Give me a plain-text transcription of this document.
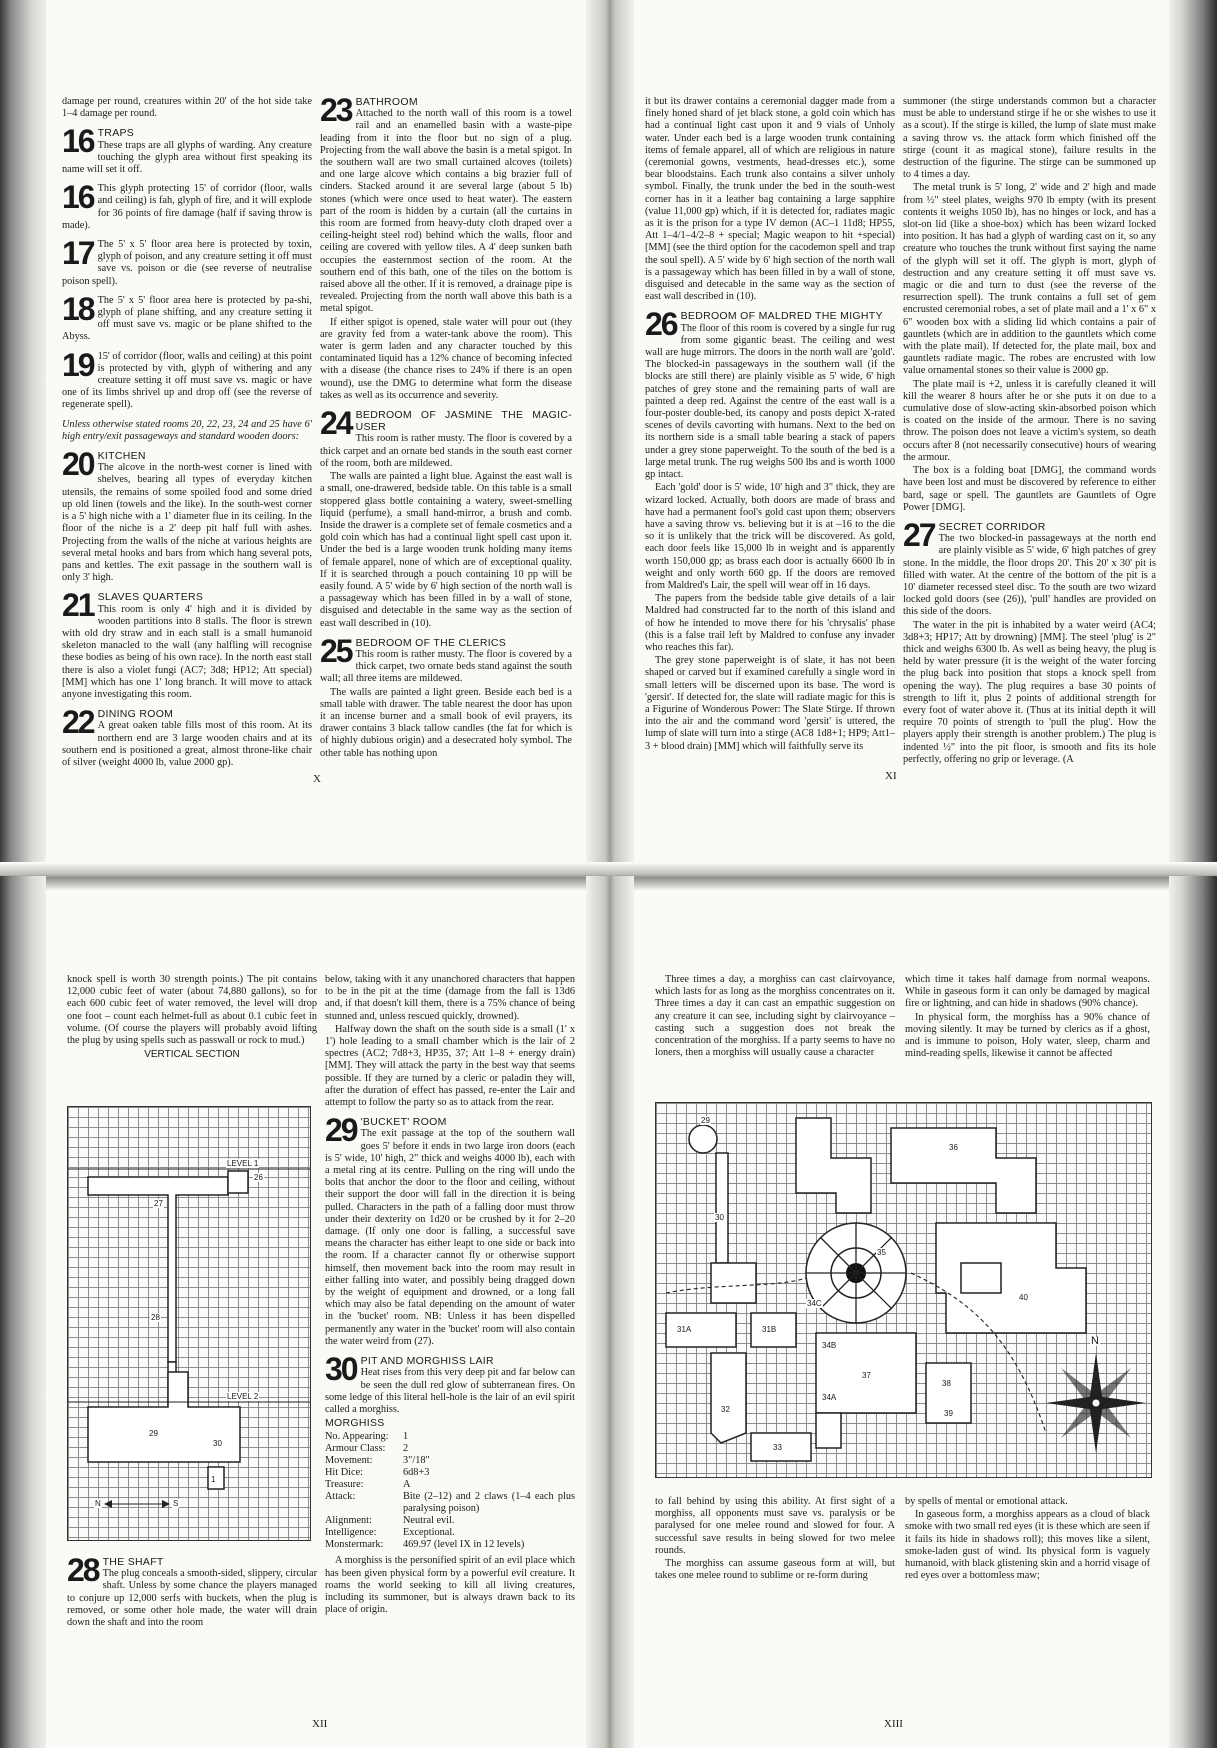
damage per round, creatures within 20' of the hot side take 1–4 damage per round.

16 TRAPS

These traps are all glyphs of warding. Any creature touching the glyph area without first speaking its name will set it off.

16 This glyph protecting 15' of corridor (floor, walls and ceiling) is fah, glyph of fire, and it will explode for 36 points of fire damage (half if saving throw is made).

17 The 5' x 5' floor area here is protected by toxin, glyph of poison, and any creature setting it off must save vs. poison or die (see reverse of neutralise poison spell).

18 The 5' x 5' floor area here is protected by pa-shi, glyph of plane shifting, and any creature setting it off must save vs. magic or be plane shifted to the Abyss.

19 15' of corridor (floor, walls and ceiling) at this point is protected by vith, glyph of withering and any creature setting it off must save vs. magic or have one of its limbs shrivel up and drop off (see the reverse of regenerate spell).

Unless otherwise stated rooms 20, 22, 23, 24 and 25 have 6' high entry/exit passageways and standard wooden doors:

20 KITCHEN

The alcove in the north-west corner is lined with shelves, bearing all types of everyday kitchen utensils, the remains of some spoiled food and some dried up old linen (towels and the like). In the south-west corner is a 5' high niche with a 1' diameter flue in its ceiling. In the floor of the niche is a 2' deep pit half full with ashes. Projecting from the walls of the niche at various heights are several metal hooks and bars from which hang several pots, pans and kettles. The exit passage in the southern wall is only 3' high.

21 SLAVES QUARTERS

This room is only 4' high and it is divided by wooden partitions into 8 stalls. The floor is strewn with old dry straw and in each stall is a small humanoid skeleton manacled to the wall (any halfling will recognise these bodies as being of his own race). In the north east stall there is also a violet fungi (AC7; 3d8; HP12; Att special) [MM] which has one 1' long branch. It will move to attack anyone investigating this room.

22 DINING ROOM

A great oaken table fills most of this room. At its northern end are 3 large wooden chairs and at its southern end is positioned a great, almost throne-like chair of silver (weight 4000 lb, value 2000 gp).

23 BATHROOM

Attached to the north wall of this room is a towel rail and an enamelled basin with a waste-pipe leading from it into the floor but no sign of a plug. Projecting from the wall above the basin is a metal spigot. In the southern wall are two small curtained alcoves (toilets) and one large alcove which contains a big brazier full of cinders. Stacked around it are several large (about 5 lb) stones (which were once used to heat water). The eastern part of the room is hidden by a curtain (all the curtains in this room are formed from heavy-duty cloth draped over a ceiling-height steel rod) behind which the walls, floor and ceiling are covered with yellow tiles. A 4' deep sunken bath occupies the easternmost section of the room. At the southern end of this bath, one of the tiles on the bottom is raised above all the other. If it is removed, a drainage pipe is revealed. Projecting from the north wall above this bath is a metal spigot.

If either spigot is opened, stale water will pour out (they are gravity fed from a water-tank above the room). This water is germ laden and any character touched by this contaminated liquid has a 12% chance of becoming infected with a disease (the chance rises to 24% if there is an open wound), use the DMG to determine what form the disease takes as well as its occurrence and severity.

24 BEDROOM OF JASMINE THE MAGIC-USER

This room is rather musty. The floor is covered by a thick carpet and an ornate bed stands in the south east corner of the room, both are mildewed.

The walls are painted a light blue. Against the east wall is a small, one-drawered, bedside table. On this table is a small stoppered glass bottle containing a watery, sweet-smelling liquid (perfume), a small hand-mirror, a brush and comb. Inside the drawer is a complete set of female cosmetics and a gold coin which has had a continual light spell cast upon it. Under the bed is a large wooden trunk holding many items of female apparel, none of which are of exceptional quality. If it is searched through a pouch containing 10 pp will be easily found. A 5' wide by 6' high section of the north wall is a passageway which has been filled in by a wall of stone, disguised and detectable in the same way as the section of east wall described in (10).

25 BEDROOM OF THE CLERICS

This room is rather musty. The floor is covered by a thick carpet, two ornate beds stand against the south wall; all three items are mildewed.

The walls are painted a light green. Beside each bed is a small table with drawer. The table nearest the door has upon it an incense burner and a small book of evil prayers, its drawer contains 3 black tallow candles (the fat for which is of highly dubious origin) and a desecrated holy symbol. The other table has nothing upon

X

it but its drawer contains a ceremonial dagger made from a finely honed shard of jet black stone, a gold coin which has had a continual light cast upon it and 9 vials of Unholy water. Under each bed is a large wooden trunk containing items of female apparel, all of which are religious in nature (ceremonial gowns, vestments, head-dresses etc.), some bear bloodstains. Each trunk also contains a silver unholy symbol. Finally, the trunk under the bed in the south-west corner has in it a leather bag containing a large sapphire (value 11,000 gp) which, if it is detected for, radiates magic as it is the prison for a type IV demon (AC–1 11d8; HP55, Att 1–4/1–4/2–8 + special; Magic weapon to hit +special) [MM] (see the third option for the cacodemon spell and trap the soul spell). A 5' wide by 6' high section of the north wall is a passageway which has been filled in by a wall of stone, disguised and detecable in the same way as the section of east wall described in (10).

26 BEDROOM OF MALDRED THE MIGHTY

The floor of this room is covered by a single fur rug from some gigantic beast. The ceiling and west wall are huge mirrors. The doors in the north wall are 'gold'. The blocked-in passageways in the southern wall (if the blocks are still there) are plainly visible as 5' wide, 6' high patches of grey stone and the remaining parts of wall are painted a deep red. Against the centre of the east wall is a four-poster double-bed, its canopy and posts depict X-rated scenes of devils cavorting with humans. Next to the bed on its northern side is a small table bearing a stack of papers under a grey stone paperweight. To the south of the bed is a large metal trunk. The rug weighs 500 lbs and is worth 1000 gp intact.

Each 'gold' door is 5' wide, 10' high and 3" thick, they are wizard locked. Actually, both doors are made of brass and have had a permanent fool's gold cast upon them; observers have a saving throw vs. believing but it is at –16 to the die so it is unlikely that the trick will be discovered. As gold, each door feels like 15,000 lb in weight and is apparently worth 150,000 gp; as brass each door is actually 6600 lb in weight and only worth 660 gp. If the doors are removed from Maldred's Lair, the spell will wear off in 16 days.

The papers from the bedside table give details of a lair Maldred had constructed far to the north of this island and of how he intended to move there for his 'chrysalis' phase (this is a false trail left by Maldred to confuse any invader who reaches this far).

The grey stone paperweight is of slate, it has not been shaped or carved but if examined carefully a single word in small letters will be discerned upon its base. The word is 'gersit'. If detected for, the slate will radiate magic for this is a Figurine of Wonderous Power: The Slate Stirge. If thrown into the air and the command word 'gersit' is uttered, the lump of slate will turn into a stirge (AC8 1d8+1; HP9; Att1–3 + blood drain) [MM] which will faithfully serve its

summoner (the stirge understands common but a character must be able to understand stirge if he or she wishes to use it as a scout). If the stirge is killed, the lump of slate must make a saving throw vs. the attack form which finished off the stirge (count it as magical stone), failure results in the destruction of the figurine. The stirge can be summoned up to 4 times a day.

The metal trunk is 5' long, 2' wide and 2' high and made from ½" steel plates, weighs 970 lb empty (with its present contents it weighs 1050 lb), has no hinges or lock, and has a slot-on lid (like a shoe-box) which has been wizard locked into position. It has had a glyph of warding cast on it, so any creature who touches the trunk without first saying the name of the glyph will set it off. The glyph is mort, glyph of destruction and any creature setting it off must save vs. magic or die and turn to dust (see the reverse of the resurrection spell). The trunk contains a full set of gem encrusted ceremonial robes, a set of plate mail and a 1' x 6" x 6" wooden box with a sliding lid which contains a pair of gauntlets (which are in addition to the gauntlets which come with the plate mail). If detected for, the plate mail, box and gauntlets radiate magic. The robes are encrusted with low value ornamental stones so their value is 2000 gp.

The plate mail is +2, unless it is carefully cleaned it will kill the wearer 8 hours after he or she puts it on due to a cumulative dose of slow-acting skin-absorbed poison which is coated on the inside of the armour. There is no saving throw. The poison does not leave a victim's system, so death occurs after 8 (not necessarily consecutive) hours of wearing the armour.

The box is a folding boat [DMG], the command words have been lost and must be discovered by reference to either bard, sage or spell. The gauntlets are Gauntlets of Ogre Power [DMG].

27 SECRET CORRIDOR

The two blocked-in passageways at the north end are plainly visible as 5' wide, 6' high patches of grey stone. In the middle, the floor drops 20'. This 20' x 30' pit is filled with water. At the centre of the bottom of the pit is a 10' diameter recessed steel disc. To the south are two wizard locked gold doors (see (26)), 'pull' handles are provided on this side of the doors.

The water in the pit is inhabited by a water weird (AC4; 3d8+3; HP17; Att by drowning) [MM]. The steel 'plug' is 2" thick and weighs 6300 lb. As well as being heavy, the plug is held by water pressure (it is the weight of the water forcing the plug back into position that stops a knock spell from opening the way). The plug requires a base 30 points of strength to lift it, plus 2 points of additional strength for every foot of water above it. (Thus at its initial depth it will require 70 points of strength to 'pull the plug'. How the players apply their strength is another problem.) The plug is indented ½" into the pit floor, is smooth and fits its hole perfectly, offering no grip or leverage. (A

XI

knock spell is worth 30 strength points.) The pit contains 12,000 cubic feet of water (about 74,880 gallons), so for each 600 cubic feet of water removed, the level will drop one foot – count each helmet-full as about 0.1 cubic feet in volume. (Of course the players will probably avoid lifting the plug by using spells such as passwall or rock to mud.)

VERTICAL SECTION
LEVEL 1
26
27
28
LEVEL 2
29
30
1
N	S
28 THE SHAFT

The plug conceals a smooth-sided, slippery, circular shaft. Unless by some chance the players managed to conjure up 12,000 serfs with buckets, when the plug is removed, or some other hole made, the water will drain down the shaft and into the room

below, taking with it any unanchored characters that happen to be in the pit at the time (damage from the fall is 13d6 and, if that doesn't kill them, there is a 75% chance of being stunned and, unless rescued quickly, drowned).

Halfway down the shaft on the south side is a small (1' x 1') hole leading to a small chamber which is the lair of 2 spectres (AC2; 7d8+3, HP35, 37; Att 1–8 + energy drain) [MM]. They will attack the party in the best way that seems possible. If they are turned by a cleric or paladin they will, after the duration of effect has passed, re-enter the Lair and attempt to follow the party so as to attack from the rear.

29 'BUCKET' ROOM

The exit passage at the top of the southern wall goes 5' before it ends in two large iron doors (each is 5' wide, 10' high, 2" thick and weighs 4000 lb), each with a metal ring at its centre. Pulling on the ring will undo the bolts that anchor the door to the floor and ceiling, without their support the door will fall in the direction it is being pulled. Characters in the path of a falling door must throw under their dexterity on 1d20 or be crushed by it for 2–20 damage. (If only one door is falling, a successful save means the character has either leapt to one side or back into the room. If a character cannot fly or otherwise support himself, then movement back into the room may result in either falling into water, and possibly being dragged down by the weight of equipment and drowned, or a long fall which may also be fatal depending on the amount of water in the 'bucket' room. NB: Unless it has been dispelled permanently any water in the 'bucket' room will also contain the water weird from (27).

30 PIT AND MORGHISS LAIR

Heat rises from this very deep pit and far below can be seen the dull red glow of subterranean fires. On some ledge of this literal hell-hole is the lair of an evil spirit called a morghiss.

MORGHISS
No. Appearing:	1
Armour Class:	2
Movement:	3"/18"
Hit Dice:	6d8+3
Treasure:	A
Attack:	Bite (2–12) and 2 claws (1–4 each plus paralysing poison)
Alignment:	Neutral evil.
Intelligence:	Exceptional.
Monstermark:	469.97 (level IX in 12 levels)

A morghiss is the personified spirit of an evil place which has been given physical form by a powerful evil creature. It roams the world seeking to kill all living creatures, including its summoner, but is always drawn back to its place of origin.

XII

Three times a day, a morghiss can cast clairvoyance, which lasts for as long as the morghiss concentrates on it. Three times a day it can cast an empathic suggestion on any creature it can see, including sight by clairvoyance – casting such a suggestion does not break the concentration of the morghiss. If a party seems to have no loners, then a morghiss will usually cause a character

which time it takes half damage from normal weapons. While in gaseous form it can only be damaged by magical fire or lightning, and can hide in shadows (90% chance).

In physical form, the morghiss has a 90% chance of moving silently. It may be turned by clerics as if a ghost, and is immune to poison, Holy water, sleep, charm and mind-reading spells, likewise it cannot be affected

29
30
31A	31B
32
33
34A
34B
34C
35
36
37
38
39
40
N

to fall behind by using this ability. At first sight of a morghiss, all opponents must save vs. paralysis or be paralysed for one melee round and slowed for four. A successful save results in being slowed for two melee rounds.

The morghiss can assume gaseous form at will, but takes one melee round to sublime or re-form during

by spells of mental or emotional attack.

In gaseous form, a morghiss appears as a cloud of black smoke with two small red eyes (it is these which are seen if it fails its hide in shadows roll); this moves like a silent, smoke-laden gust of wind. Its physical form is vaguely humanoid, with black glistening skin and a horrid visage of red eyes over a bottomless maw;

XIII
